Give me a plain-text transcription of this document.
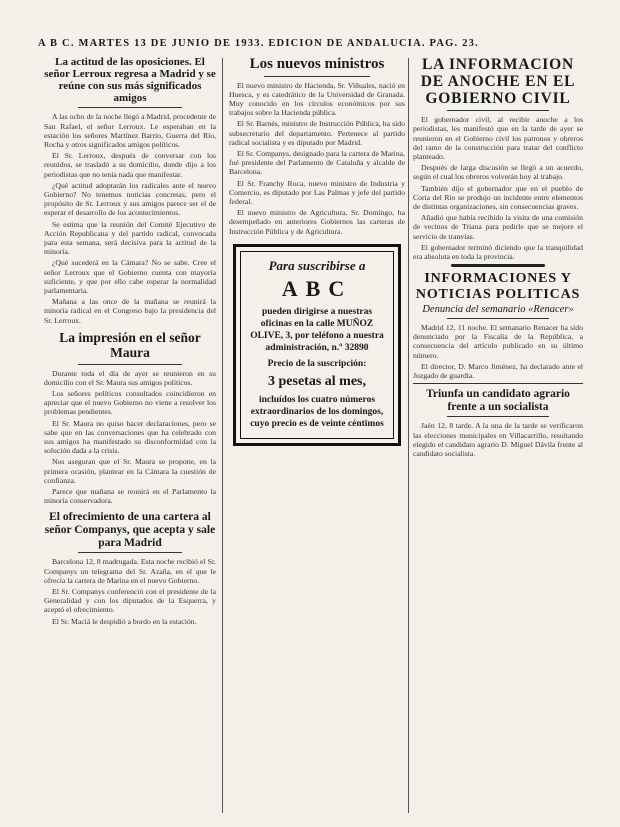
A B C. MARTES 13 DE JUNIO DE 1933. EDICION DE ANDALUCIA. PAG. 23.
La actitud de las oposiciones. El señor Lerroux regresa a Madrid y se reúne con sus más significados amigos

A las ocho de la noche llegó a Madrid, procedente de San Rafael, el señor Lerroux. Le esperaban en la estación los señores Martínez Barrio, Guerra del Río, Rocha y otros significados amigos políticos.

El Sr. Lerroux, después de conversar con los reunidos, se trasladó a su domicilio, donde dijo a los periodistas que no tenía nada que manifestar.

¿Qué actitud adoptarán los radicales ante el nuevo Gobierno? No tenemos noticias concretas, pero el propósito de Sr. Lerroux y sus amigos parece ser el de esperar el desarrollo de los acontecimientos.

Se estima que la reunión del Comité Ejecutivo de Acción Republicana y del partido radical, convocada para esta semana, será decisiva para la actitud de la minoría.

¿Qué sucederá en la Cámara? No se sabe. Cree el señor Lerroux que el Gobierno cuenta con mayoría suficiente, y que por ello cabe esperar la normalidad parlamentaria.

Mañana a las once de la mañana se reunirá la minoría radical en el Congreso bajo la presidencia del Sr. Lerroux.

La impresión en el señor Maura

Durante toda el día de ayer se reunieron en su domicilio con el Sr. Maura sus amigos políticos.

Los señores políticos consultados coincidieron en apreciar que el nuevo Gobierno no viene a resolver los problemas pendientes.

El Sr. Maura no quiso hacer declaraciones, pero se sabe que en las conversaciones que ha celebrado con sus amigos ha manifestado su disconformidad con la solución dada a la crisis.

Nos aseguran que el Sr. Maura se propone, en la primera ocasión, plantear en la Cámara la cuestión de confianza.

Parece que mañana se reunirá en el Parlamento la minoría conservadora.

El ofrecimiento de una cartera al señor Companys, que acepta y sale para Madrid

Barcelona 12, 8 madrugada. Esta noche recibió el Sr. Companys un telegrama del Sr. Azaña, en el que le ofrecía la cartera de Marina en el nuevo Gobierno.

El Sr. Companys conferenció con el presidente de la Generalidad y con los diputados de la Esquerra, y aceptó el ofrecimiento.

El Sr. Maciá le despidió a bordo en la estación.

Los nuevos ministros

El nuevo ministro de Hacienda, Sr. Viñuales, nació en Huesca, y es catedrático de la Universidad de Granada. Muy conocido en los círculos económicos por sus trabajos sobre la Hacienda pública.

El Sr. Barnés, ministro de Instrucción Pública, ha sido subsecretario del departamento. Pertenece al partido radical socialista y es diputado por Madrid.

El Sr. Companys, designado para la cartera de Marina, fué presidente del Parlamento de Cataluña y alcalde de Barcelona.

El Sr. Franchy Roca, nuevo ministro de Industria y Comercio, es diputado por Las Palmas y jefe del partido federal.

El nuevo ministro de Agricultura, Sr. Domingo, ha desempeñado en anteriores Gobiernos las carteras de Instrucción Pública y de Agricultura.

Para suscribirse a
ABC
pueden dirigirse a nuestras oficinas en la calle MUÑOZ OLIVE, 3, por teléfono a nuestra administración, n.º 32890
Precio de la suscripción:
3 pesetas al mes,
incluídos los cuatro números extraordinarios de los domingos, cuyo precio es de veinte céntimos
LA INFORMACION DE ANOCHE EN EL GOBIERNO CIVIL

El gobernador civil, al recibir anoche a los periodistas, les manifestó que en la tarde de ayer se reunieron en el Gobierno civil los patronos y obreros del ramo de la construcción para tratar del conflicto planteado.

Después de larga discusión se llegó a un acuerdo, según el cual los obreros volverán hoy al trabajo.

También dijo el gobernador que en el pueblo de Coria del Río se produjo un incidente entre elementos de distintas organizaciones, sin consecuencias graves.

Añadió que había recibido la visita de una comisión de vecinos de Triana para pedirle que se mejore el servicio de tranvías.

El gobernador terminó diciendo que la tranquilidad era absoluta en toda la provincia.

INFORMACIONES Y NOTICIAS POLITICAS
Denuncia del semanario «Renacer»

Madrid 12, 11 noche. El semanario Renacer ha sido denunciado por la Fiscalía de la República, a consecuencia del artículo publicado en su último número.

El director, D. Marco Jiménez, ha declarado ante el Juzgado de guardia.

Triunfa un candidato agrario frente a un socialista

Jaén 12, 8 tarde. A la una de la tarde se verificaron las elecciones municipales en Villacarrillo, resultando elegido el candidato agrario D. Miguel Dávila frente al candidato socialista.
